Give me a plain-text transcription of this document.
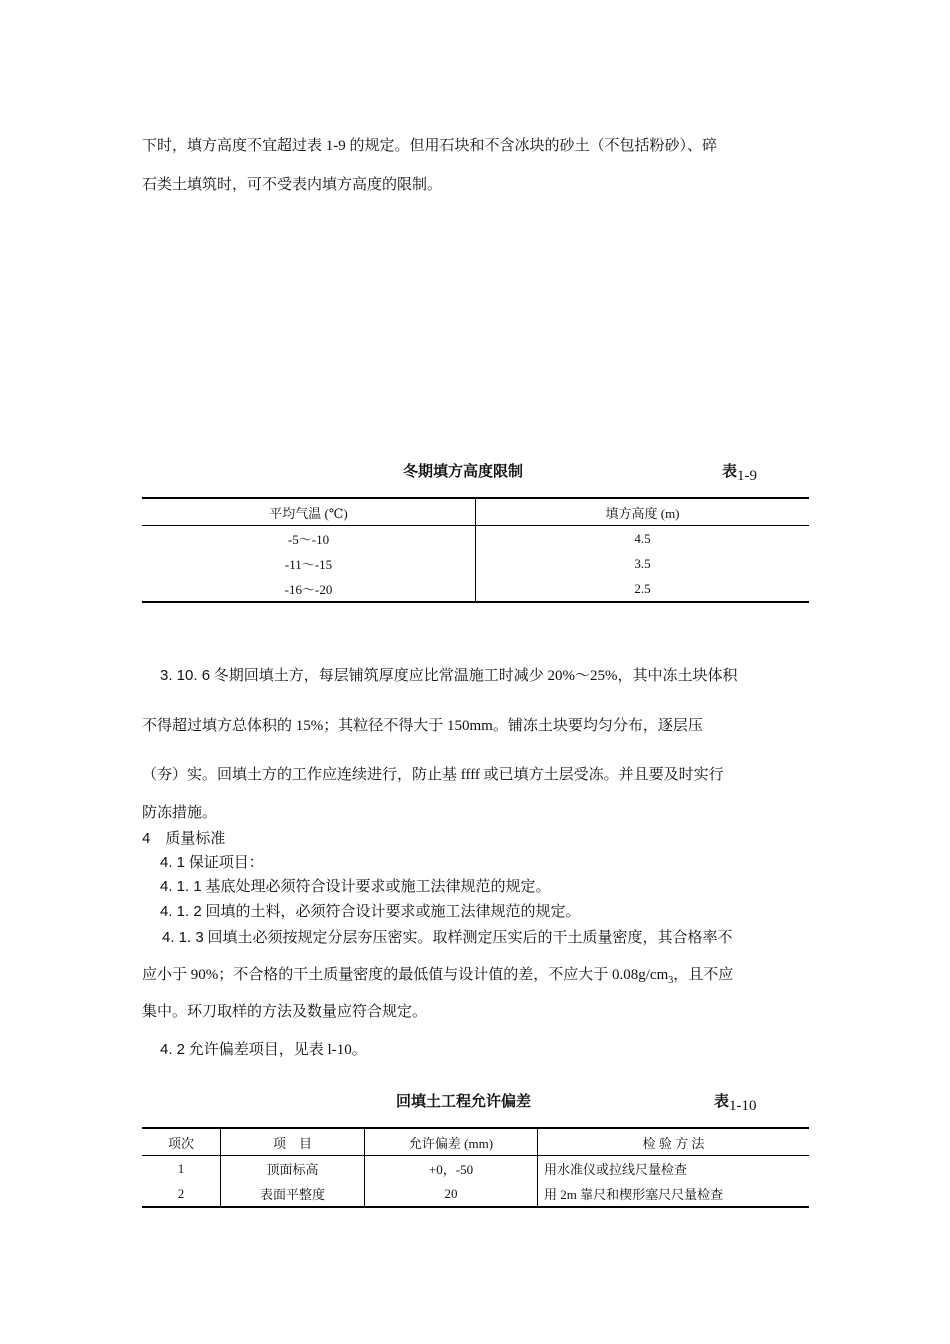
下时，填方高度不宜超过表 1-9 的规定。但用石块和不含冰块的砂土（不包括粉砂）、碎
石类土填筑时，可不受表内填方高度的限制。
冬期填方高度限制	表1-9
平均气温 (℃)	填方高度 (m)
-5～-10	4.5
-11～-15	3.5
-16～-20	2.5
3. 10. 6 冬期回填土方，每层铺筑厚度应比常温施工时减少 20%～25%，其中冻土块体积
不得超过填方总体积的 15%；其粒径不得大于 150mm。铺冻土块要均匀分布，逐层压
（夯）实。回填土方的工作应连续进行，防止基 ffff 或已填方土层受冻。并且要及时实行
防冻措施。
4　质量标准
4. 1 保证项目：
4. 1. 1 基底处理必须符合设计要求或施工法律规范的规定。
4. 1. 2 回填的土料，必须符合设计要求或施工法律规范的规定。
4. 1. 3 回填土必须按规定分层夯压密实。取样测定压实后的干土质量密度，其合格率不
应小于 90%；不合格的干土质量密度的最低值与设计值的差，不应大于 $0.08g/cm_3$，且不应
集中。环刀取样的方法及数量应符合规定。
4. 2 允许偏差项目，见表 l-10。
回填土工程允许偏差	表1-10
项次	项　目	允许偏差 (mm)	检 验 方 法
1	顶面标高	+0，-50	用水准仪或拉线尺量检查
2	表面平整度	20	用 2m 靠尺和楔形塞尺尺量检查
